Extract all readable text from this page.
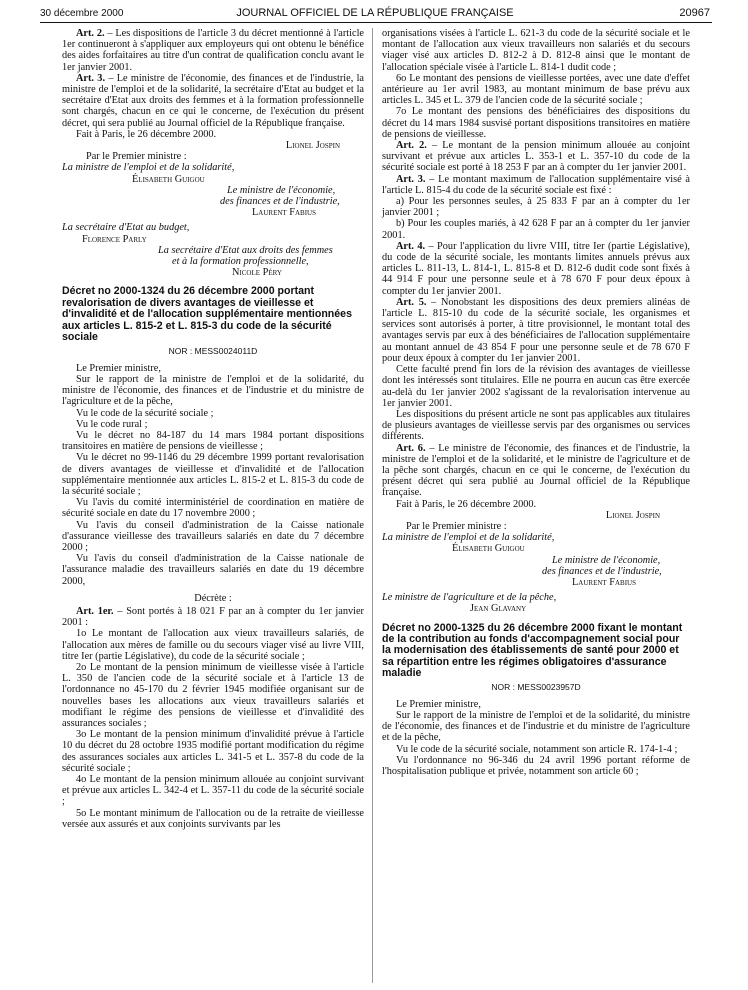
30 décembre 2000	JOURNAL OFFICIEL DE LA RÉPUBLIQUE FRANÇAISE	20967

Art. 2. – Les dispositions de l'article 3 du décret mentionné à l'article 1er continueront à s'appliquer aux employeurs qui ont obtenu le bénéfice des aides forfaitaires au titre d'un contrat de qualification conclu avant le 1er janvier 2001.

Art. 3. – Le ministre de l'économie, des finances et de l'industrie, la ministre de l'emploi et de la solidarité, la secrétaire d'Etat au budget et la secrétaire d'Etat aux droits des femmes et à la formation professionnelle sont chargés, chacun en ce qui le concerne, de l'exécution du présent décret, qui sera publié au Journal officiel de la République française.

Fait à Paris, le 26 décembre 2000.

Lionel Jospin

Par le Premier ministre :

La ministre de l'emploi et de la solidarité,

Élisabeth Guigou

Le ministre de l'économie,

des finances et de l'industrie,

Laurent Fabius

La secrétaire d'Etat au budget,

Florence Parly

La secrétaire d'Etat aux droits des femmes

et à la formation professionnelle,

Nicole Péry

Décret no 2000-1324 du 26 décembre 2000 portant revalorisation de divers avantages de vieillesse et d'invalidité et de l'allocation supplémentaire mentionnées aux articles L. 815-2 et L. 815-3 du code de la sécurité sociale

NOR : MESS0024011D

Le Premier ministre,

Sur le rapport de la ministre de l'emploi et de la solidarité, du ministre de l'économie, des finances et de l'industrie et du ministre de l'agriculture et de la pêche,

Vu le code de la sécurité sociale ;

Vu le code rural ;

Vu le décret no 84-187 du 14 mars 1984 portant dispositions transitoires en matière de pensions de vieillesse ;

Vu le décret no 99-1146 du 29 décembre 1999 portant revalorisation de divers avantages de vieillesse et d'invalidité et de l'allocation supplémentaire mentionnée aux articles L. 815-2 et L. 815-3 du code de la sécurité sociale ;

Vu l'avis du comité interministériel de coordination en matière de sécurité sociale en date du 17 novembre 2000 ;

Vu l'avis du conseil d'administration de la Caisse nationale d'assurance vieillesse des travailleurs salariés en date du 7 décembre 2000 ;

Vu l'avis du conseil d'administration de la Caisse nationale de l'assurance maladie des travailleurs salariés en date du 19 décembre 2000,

Décrète :

Art. 1er. – Sont portés à 18 021 F par an à compter du 1er janvier 2001 :

1o Le montant de l'allocation aux vieux travailleurs salariés, de l'allocation aux mères de famille ou du secours viager visé au livre VIII, titre Ier (partie Législative), du code de la sécurité sociale ;

2o Le montant de la pension minimum de vieillesse visée à l'article L. 350 de l'ancien code de la sécurité sociale et à l'article 13 de l'ordonnance no 45-170 du 2 février 1945 modifiée organisant sur de nouvelles bases les allocations aux vieux travailleurs salariés et modifiant le régime des pensions de vieillesse et d'invalidité des assurances sociales ;

3o Le montant de la pension minimum d'invalidité prévue à l'article 10 du décret du 28 octobre 1935 modifié portant modification du régime des assurances sociales aux articles L. 341-5 et L. 357-8 du code de la sécurité sociale ;

4o Le montant de la pension minimum allouée au conjoint survivant et prévue aux articles L. 342-4 et L. 357-11 du code de la sécurité sociale ;

5o Le montant minimum de l'allocation ou de la retraite de vieillesse versée aux assurés et aux conjoints survivants par les

organisations visées à l'article L. 621-3 du code de la sécurité sociale et le montant de l'allocation aux vieux travailleurs non salariés et du secours viager visé aux articles D. 812-2 à D. 812-8 ainsi que le montant de l'allocation spéciale visée à l'article L. 814-1 dudit code ;

6o Le montant des pensions de vieillesse portées, avec une date d'effet antérieure au 1er avril 1983, au montant minimum de base prévu aux articles L. 345 et L. 379 de l'ancien code de la sécurité sociale ;

7o Le montant des pensions des bénéficiaires des dispositions du décret du 14 mars 1984 susvisé portant dispositions transitoires en matière de pensions de vieillesse.

Art. 2. – Le montant de la pension minimum allouée au conjoint survivant et prévue aux articles L. 353-1 et L. 357-10 du code de la sécurité sociale est porté à 18 253 F par an à compter du 1er janvier 2001.

Art. 3. – Le montant maximum de l'allocation supplémentaire visé à l'article L. 815-4 du code de la sécurité sociale est fixé :

a) Pour les personnes seules, à 25 833 F par an à compter du 1er janvier 2001 ;

b) Pour les couples mariés, à 42 628 F par an à compter du 1er janvier 2001.

Art. 4. – Pour l'application du livre VIII, titre Ier (partie Législative), du code de la sécurité sociale, les montants limites annuels prévus aux articles L. 811-13, L. 814-1, L. 815-8 et D. 812-6 dudit code sont fixés à 44 914 F pour une personne seule et à 78 670 F pour deux époux à compter du 1er janvier 2001.

Art. 5. – Nonobstant les dispositions des deux premiers alinéas de l'article L. 815-10 du code de la sécurité sociale, les organismes et services sont autorisés à porter, à titre provisionnel, le montant total des avantages servis par eux à des bénéficiaires de l'allocation supplémentaire au montant annuel de 43 854 F pour une personne seule et de 78 670 F pour deux époux à compter du 1er janvier 2001.

Cette faculté prend fin lors de la révision des avantages de vieillesse dont les intéressés sont titulaires. Elle ne pourra en aucun cas être exercée au-delà du 1er janvier 2002 s'agissant de la revalorisation intervenue au 1er janvier 2001.

Les dispositions du présent article ne sont pas applicables aux titulaires de plusieurs avantages de vieillesse servis par des organismes ou services différents.

Art. 6. – Le ministre de l'économie, des finances et de l'industrie, la ministre de l'emploi et de la solidarité, et le ministre de l'agriculture et de la pêche sont chargés, chacun en ce qui le concerne, de l'exécution du présent décret qui sera publié au Journal officiel de la République française.

Fait à Paris, le 26 décembre 2000.

Lionel Jospin

Par le Premier ministre :

La ministre de l'emploi et de la solidarité,

Élisabeth Guigou

Le ministre de l'économie,

des finances et de l'industrie,

Laurent Fabius

Le ministre de l'agriculture et de la pêche,

Jean Glavany

Décret no 2000-1325 du 26 décembre 2000 fixant le montant de la contribution au fonds d'accompagnement social pour la modernisation des établissements de santé pour 2000 et sa répartition entre les régimes obligatoires d'assurance maladie

NOR : MESS0023957D

Le Premier ministre,

Sur le rapport de la ministre de l'emploi et de la solidarité, du ministre de l'économie, des finances et de l'industrie et du ministre de l'agriculture et de la pêche,

Vu le code de la sécurité sociale, notamment son article R. 174-1-4 ;

Vu l'ordonnance no 96-346 du 24 avril 1996 portant réforme de l'hospitalisation publique et privée, notamment son article 60 ;
